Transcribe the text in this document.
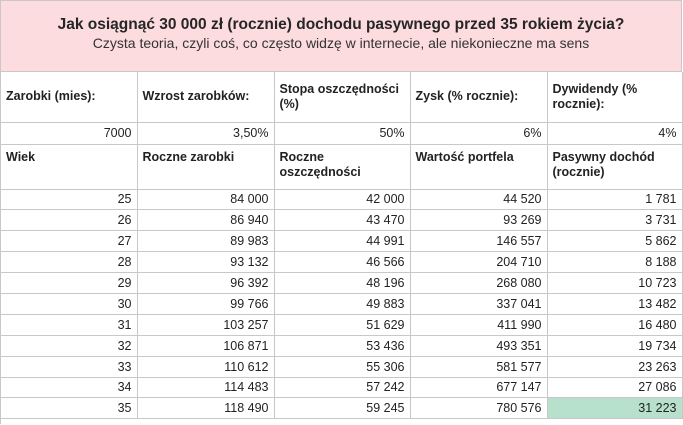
Jak osiągnąć 30 000 zł (rocznie) dochodu pasywnego przed 35 rokiem życia?
Czysta teoria, czyli coś, co często widzę w internecie, ale niekonieczne ma sens
Zarobki (mies):	Wzrost zarobków:	Stopa oszczędności (%)	Zysk (% rocznie):	Dywidendy (% rocznie):
7000	3,50%	50%	6%	4%
Wiek	Roczne zarobki	Roczne oszczędności	Wartość portfela	Pasywny dochód (rocznie)
25	84 000	42 000	44 520	1 781
26	86 940	43 470	93 269	3 731
27	89 983	44 991	146 557	5 862
28	93 132	46 566	204 710	8 188
29	96 392	48 196	268 080	10 723
30	99 766	49 883	337 041	13 482
31	103 257	51 629	411 990	16 480
32	106 871	53 436	493 351	19 734
33	110 612	55 306	581 577	23 263
34	114 483	57 242	677 147	27 086
35	118 490	59 245	780 576	31 223
